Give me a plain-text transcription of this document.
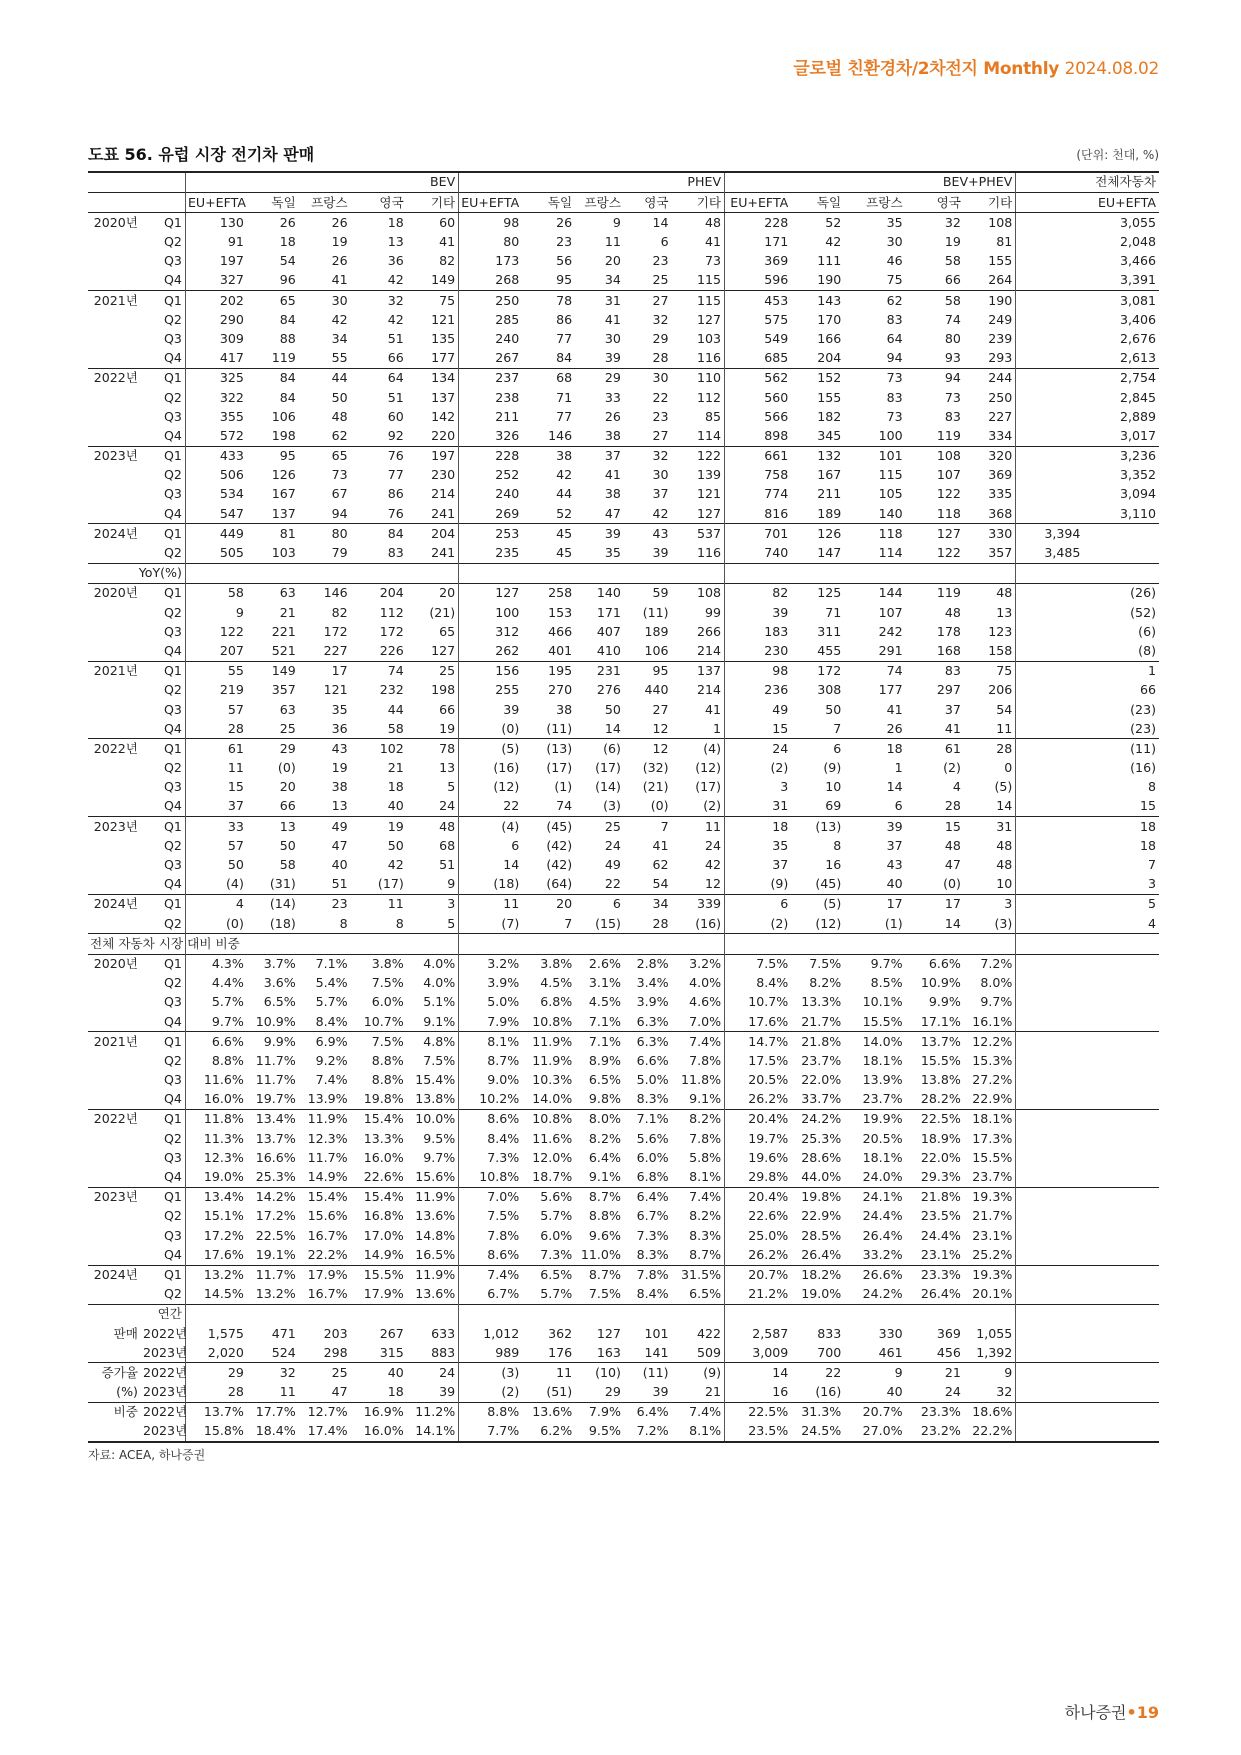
글로벌 친환경차/2차전지 Monthly 2024.08.02
도표 56. 유럽 시장 전기차 판매	(단위: 천대, %)
		BEV					PHEV					BEV+PHEV					전체자동차
		EU+EFTA	독일	프랑스	영국	기타	EU+EFTA	독일	프랑스	영국	기타	EU+EFTA	독일	프랑스	영국	기타	EU+EFTA
2020년	Q1	130	26	26	18	60	98	26	9	14	48	228	52	35	32	108	3,055
	Q2	91	18	19	13	41	80	23	11	6	41	171	42	30	19	81	2,048
	Q3	197	54	26	36	82	173	56	20	23	73	369	111	46	58	155	3,466
	Q4	327	96	41	42	149	268	95	34	25	115	596	190	75	66	264	3,391
2021년	Q1	202	65	30	32	75	250	78	31	27	115	453	143	62	58	190	3,081
	Q2	290	84	42	42	121	285	86	41	32	127	575	170	83	74	249	3,406
	Q3	309	88	34	51	135	240	77	30	29	103	549	166	64	80	239	2,676
	Q4	417	119	55	66	177	267	84	39	28	116	685	204	94	93	293	2,613
2022년	Q1	325	84	44	64	134	237	68	29	30	110	562	152	73	94	244	2,754
	Q2	322	84	50	51	137	238	71	33	22	112	560	155	83	73	250	2,845
	Q3	355	106	48	60	142	211	77	26	23	85	566	182	73	83	227	2,889
	Q4	572	198	62	92	220	326	146	38	27	114	898	345	100	119	334	3,017
2023년	Q1	433	95	65	76	197	228	38	37	32	122	661	132	101	108	320	3,236
	Q2	506	126	73	77	230	252	42	41	30	139	758	167	115	107	369	3,352
	Q3	534	167	67	86	214	240	44	38	37	121	774	211	105	122	335	3,094
	Q4	547	137	94	76	241	269	52	47	42	127	816	189	140	118	368	3,110
2024년	Q1	449	81	80	84	204	253	45	39	43	537	701	126	118	127	330	3,394
	Q2	505	103	79	83	241	235	45	35	39	116	740	147	114	122	357	3,485
YoY(%)																	
2020년	Q1	58	63	146	204	20	127	258	140	59	108	82	125	144	119	48	(26)
	Q2	9	21	82	112	(21)	100	153	171	(11)	99	39	71	107	48	13	(52)
	Q3	122	221	172	172	65	312	466	407	189	266	183	311	242	178	123	(6)
	Q4	207	521	227	226	127	262	401	410	106	214	230	455	291	168	158	(8)
2021년	Q1	55	149	17	74	25	156	195	231	95	137	98	172	74	83	75	1
	Q2	219	357	121	232	198	255	270	276	440	214	236	308	177	297	206	66
	Q3	57	63	35	44	66	39	38	50	27	41	49	50	41	37	54	(23)
	Q4	28	25	36	58	19	(0)	(11)	14	12	1	15	7	26	41	11	(23)
2022년	Q1	61	29	43	102	78	(5)	(13)	(6)	12	(4)	24	6	18	61	28	(11)
	Q2	11	(0)	19	21	13	(16)	(17)	(17)	(32)	(12)	(2)	(9)	1	(2)	0	(16)
	Q3	15	20	38	18	5	(12)	(1)	(14)	(21)	(17)	3	10	14	4	(5)	8
	Q4	37	66	13	40	24	22	74	(3)	(0)	(2)	31	69	6	28	14	15
2023년	Q1	33	13	49	19	48	(4)	(45)	25	7	11	18	(13)	39	15	31	18
	Q2	57	50	47	50	68	6	(42)	24	41	24	35	8	37	48	48	18
	Q3	50	58	40	42	51	14	(42)	49	62	42	37	16	43	47	48	7
	Q4	(4)	(31)	51	(17)	9	(18)	(64)	22	54	12	(9)	(45)	40	(0)	10	3
2024년	Q1	4	(14)	23	11	3	11	20	6	34	339	6	(5)	17	17	3	5
	Q2	(0)	(18)	8	8	5	(7)	7	(15)	28	(16)	(2)	(12)	(1)	14	(3)	4
전체 자동차 시장 대비 비중																	
2020년	Q1	4.3%	3.7%	7.1%	3.8%	4.0%	3.2%	3.8%	2.6%	2.8%	3.2%	7.5%	7.5%	9.7%	6.6%	7.2%	
	Q2	4.4%	3.6%	5.4%	7.5%	4.0%	3.9%	4.5%	3.1%	3.4%	4.0%	8.4%	8.2%	8.5%	10.9%	8.0%	
	Q3	5.7%	6.5%	5.7%	6.0%	5.1%	5.0%	6.8%	4.5%	3.9%	4.6%	10.7%	13.3%	10.1%	9.9%	9.7%	
	Q4	9.7%	10.9%	8.4%	10.7%	9.1%	7.9%	10.8%	7.1%	6.3%	7.0%	17.6%	21.7%	15.5%	17.1%	16.1%	
2021년	Q1	6.6%	9.9%	6.9%	7.5%	4.8%	8.1%	11.9%	7.1%	6.3%	7.4%	14.7%	21.8%	14.0%	13.7%	12.2%	
	Q2	8.8%	11.7%	9.2%	8.8%	7.5%	8.7%	11.9%	8.9%	6.6%	7.8%	17.5%	23.7%	18.1%	15.5%	15.3%	
	Q3	11.6%	11.7%	7.4%	8.8%	15.4%	9.0%	10.3%	6.5%	5.0%	11.8%	20.5%	22.0%	13.9%	13.8%	27.2%	
	Q4	16.0%	19.7%	13.9%	19.8%	13.8%	10.2%	14.0%	9.8%	8.3%	9.1%	26.2%	33.7%	23.7%	28.2%	22.9%	
2022년	Q1	11.8%	13.4%	11.9%	15.4%	10.0%	8.6%	10.8%	8.0%	7.1%	8.2%	20.4%	24.2%	19.9%	22.5%	18.1%	
	Q2	11.3%	13.7%	12.3%	13.3%	9.5%	8.4%	11.6%	8.2%	5.6%	7.8%	19.7%	25.3%	20.5%	18.9%	17.3%	
	Q3	12.3%	16.6%	11.7%	16.0%	9.7%	7.3%	12.0%	6.4%	6.0%	5.8%	19.6%	28.6%	18.1%	22.0%	15.5%	
	Q4	19.0%	25.3%	14.9%	22.6%	15.6%	10.8%	18.7%	9.1%	6.8%	8.1%	29.8%	44.0%	24.0%	29.3%	23.7%	
2023년	Q1	13.4%	14.2%	15.4%	15.4%	11.9%	7.0%	5.6%	8.7%	6.4%	7.4%	20.4%	19.8%	24.1%	21.8%	19.3%	
	Q2	15.1%	17.2%	15.6%	16.8%	13.6%	7.5%	5.7%	8.8%	6.7%	8.2%	22.6%	22.9%	24.4%	23.5%	21.7%	
	Q3	17.2%	22.5%	16.7%	17.0%	14.8%	7.8%	6.0%	9.6%	7.3%	8.3%	25.0%	28.5%	26.4%	24.4%	23.1%	
	Q4	17.6%	19.1%	22.2%	14.9%	16.5%	8.6%	7.3%	11.0%	8.3%	8.7%	26.2%	26.4%	33.2%	23.1%	25.2%	
2024년	Q1	13.2%	11.7%	17.9%	15.5%	11.9%	7.4%	6.5%	8.7%	7.8%	31.5%	20.7%	18.2%	26.6%	23.3%	19.3%	
	Q2	14.5%	13.2%	16.7%	17.9%	13.6%	6.7%	5.7%	7.5%	8.4%	6.5%	21.2%	19.0%	24.2%	26.4%	20.1%	
연간																	
판매	2022년	1,575	471	203	267	633	1,012	362	127	101	422	2,587	833	330	369	1,055	
	2023년	2,020	524	298	315	883	989	176	163	141	509	3,009	700	461	456	1,392	
증가율	2022년	29	32	25	40	24	(3)	11	(10)	(11)	(9)	14	22	9	21	9	
(%)	2023년	28	11	47	18	39	(2)	(51)	29	39	21	16	(16)	40	24	32	
비중	2022년	13.7%	17.7%	12.7%	16.9%	11.2%	8.8%	13.6%	7.9%	6.4%	7.4%	22.5%	31.3%	20.7%	23.3%	18.6%	
	2023년	15.8%	18.4%	17.4%	16.0%	14.1%	7.7%	6.2%	9.5%	7.2%	8.1%	23.5%	24.5%	27.0%	23.2%	22.2%	
자료: ACEA, 하나증권
하나증권•19
